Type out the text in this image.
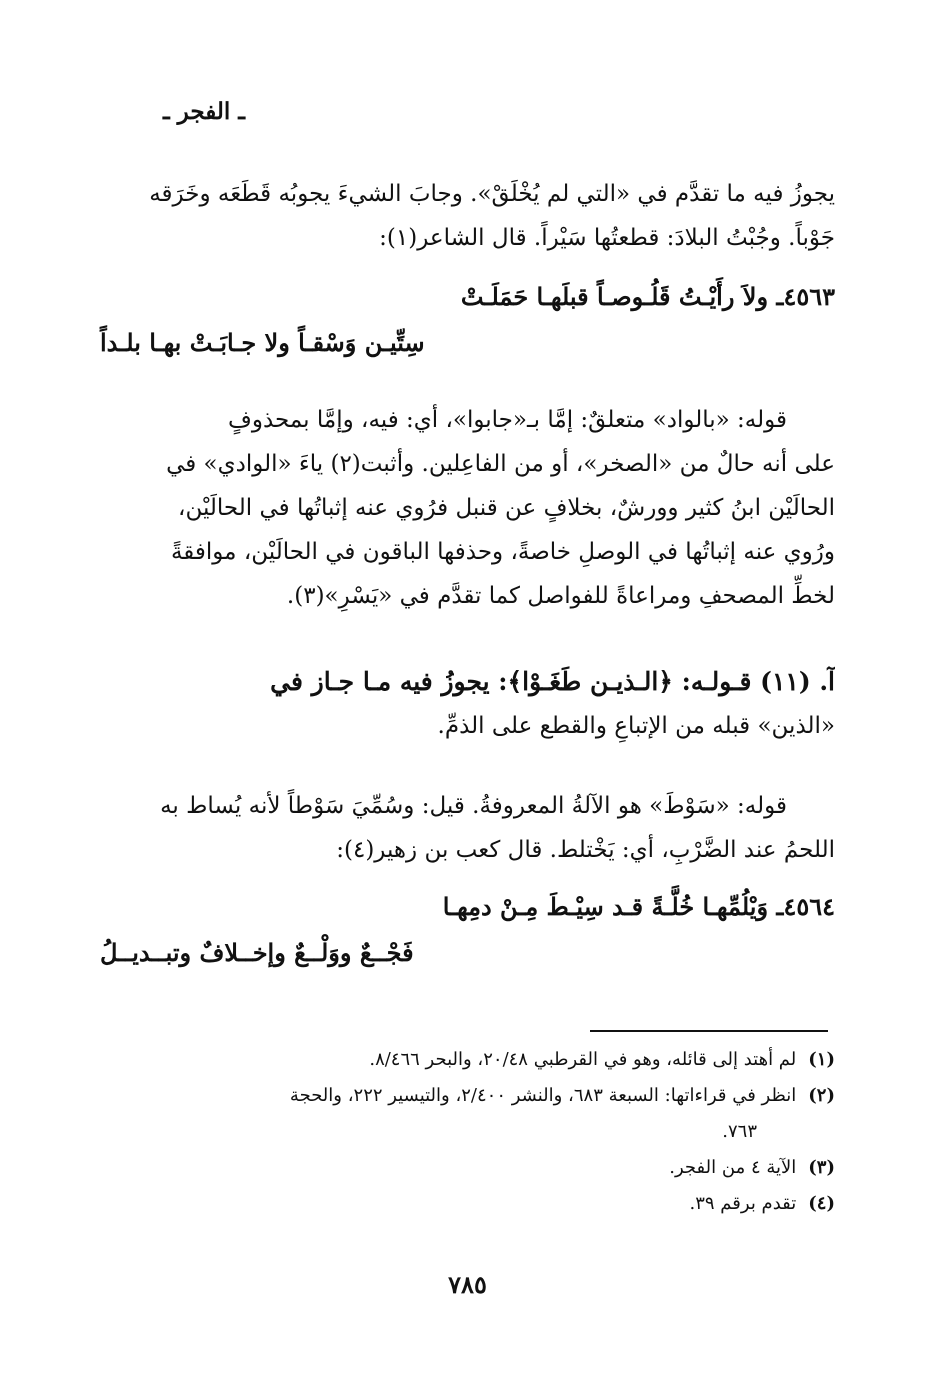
ـ الفجر ـ
يجوزُ فيه ما تقدَّم في «التي لم يُخْلَقْ». وجابَ الشيءَ يجوبُه قَطَعَه وخَرَقه
جَوْباً. وجُبْتُ البلادَ: قطعتُها سَيْراً. قال الشاعر(١):
٤٥٦٣ـ ولاَ رأَيْـتُ قَلُـوصـاً قبلَهـا حَمَلَـتْ
سِتِّيـن وَسْقـاً ولا جـابَـتْ بهـا بلـداً
قوله: «بالواد» متعلقٌ: إمَّا بـ«جابوا»، أي: فيه، وإمَّا بمحذوفٍ
على أنه حالٌ من «الصخر»، أو من الفاعِلين. وأثبت(٢) ياءَ «الوادي» في
الحالَيْن ابنُ كثير وورشٌ، بخلافٍ عن قنبل فرُوي عنه إثباتُها في الحالَيْن،
ورُوي عنه إثباتُها في الوصلِ خاصةً، وحذفها الباقون في الحالَيْن، موافقةً
لخطِّ المصحفِ ومراعاةً للفواصل كما تقدَّم في «يَسْرِ»(٣).
آ. (١١) قـولـه: ﴿الـذيـن طَغَـوْا﴾: يجوزُ فيه مـا جـاز في
«الذين» قبله من الإتباعِ والقطع على الذمِّ.
قوله: «سَوْطَ» هو الآلةُ المعروفةُ. قيل: وسُمِّيَ سَوْطاً لأنه يُساط به
اللحمُ عند الضَّرْبِ، أي: يَخْتلط. قال كعب بن زهير(٤):
٤٥٦٤ـ وَيْلُمِّهـا خُلَّـةً قـد سِيْـطَ مِـنْ دمِهـا
فَجْــعٌ ووَلْــعٌ وإخــلافٌ وتبــديــلُ
(١)لم أهتد إلى قائله، وهو في القرطبي ٢٠/٤٨، والبحر ٨/٤٦٦.
(٢)انظر في قراءاتها: السبعة ٦٨٣، والنشر ٢/٤٠٠، والتيسير ٢٢٢، والحجة
٧٦٣.
(٣)الآية ٤ من الفجر.
(٤)تقدم برقم ٣٩.
٧٨٥
